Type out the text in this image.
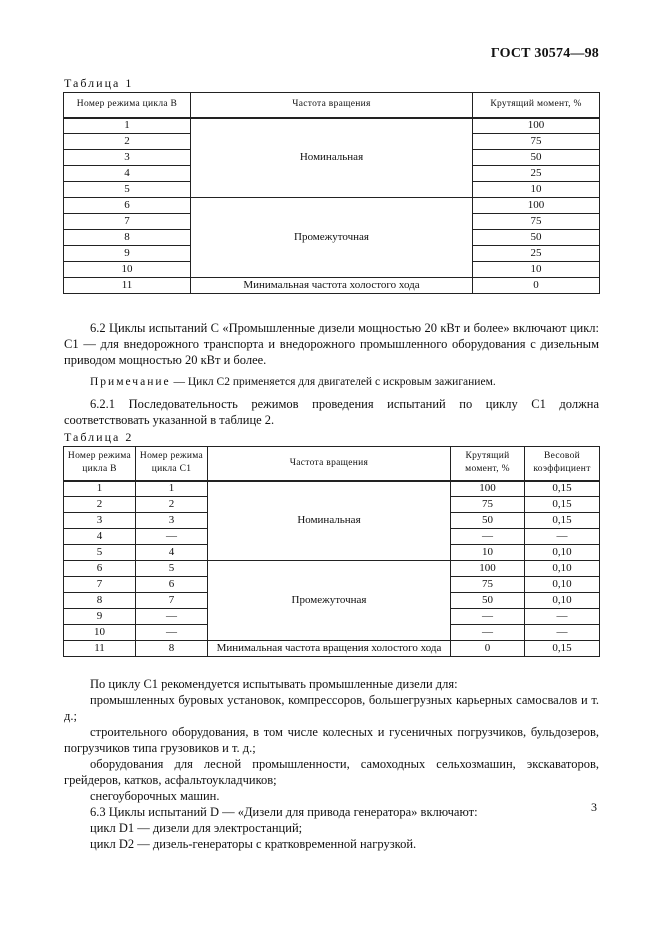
ГОСТ 30574—98
Таблица 1
Номер режима цикла В	Частота вращения	Крутящий момент, %
1	Номинальная	100
2		75
3		50
4		25
5		10
6	Промежуточная	100
7		75
8		50
9		25
10		10
11	Минимальная частота холостого хода	0

6.2 Циклы испытаний С «Промышленные дизели мощностью 20 кВт и более» включают цикл: С1 — для внедорожного транспорта и внедорожного промышленного оборудования с дизельным приводом мощностью 20 кВт и более.

Примечание — Цикл С2 применяется для двигателей с искровым зажиганием.

6.2.1 Последовательность режимов проведения испытаний по циклу С1 должна соответствовать указанной в таблице 2.

Таблица 2
Номер режима цикла В	Номер режима цикла С1	Частота вращения	Крутящий момент, %	Весовой коэффициент
1	1	Номинальная	100	0,15
2	2		75	0,15
3	3		50	0,15
4	—		—	—
5	4		10	0,10
6	5	Промежуточная	100	0,10
7	6		75	0,10
8	7		50	0,10
9	—		—	—
10	—		—	—
11	8	Минимальная частота вращения холостого хода	0	0,15

По циклу С1 рекомендуется испытывать промышленные дизели для:

промышленных буровых установок, компрессоров, большегрузных карьерных самосвалов и т. д.;

строительного оборудования, в том числе колесных и гусеничных погрузчиков, бульдозеров, погрузчиков типа грузовиков и т. д.;

оборудования для лесной промышленности, самоходных сельхозмашин, экскаваторов, грейдеров, катков, асфальтоукладчиков;

снегоуборочных машин.

6.3 Циклы испытаний D — «Дизели для привода генератора» включают:

цикл D1 — дизели для электростанций;

цикл D2 — дизель-генераторы с кратковременной нагрузкой.

3
